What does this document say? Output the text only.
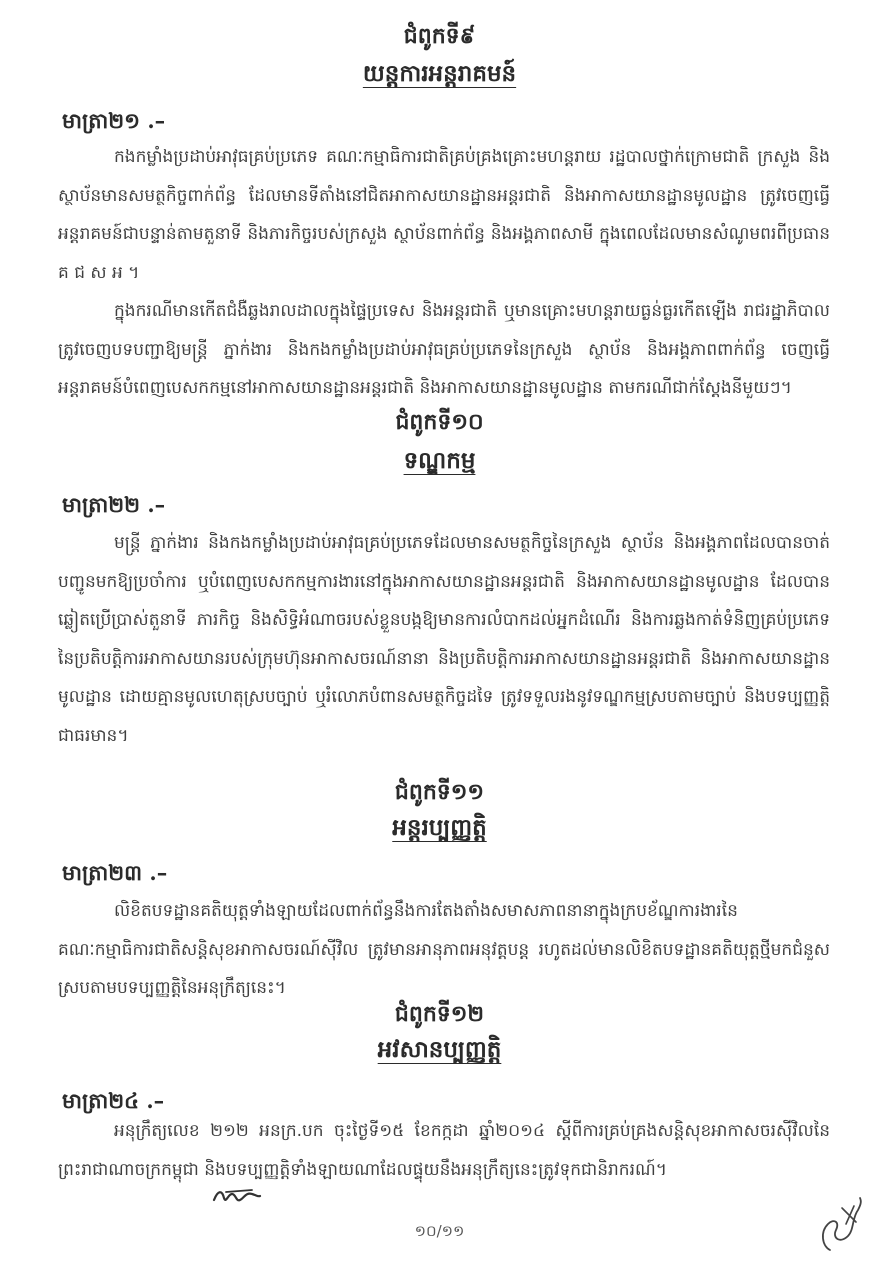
ជំពូកទី៩
យន្តការអន្តរាគមន៍
មាត្រា២១ .–
កងកម្លាំងប្រដាប់អាវុធគ្រប់ប្រភេទ គណៈកម្មាធិការជាតិគ្រប់គ្រងគ្រោះមហន្តរាយ រដ្ឋបាលថ្នាក់ក្រោមជាតិ ក្រសួង និងស្ថាប័នមានសមត្ថកិច្ចពាក់ព័ន្ធ ដែលមានទីតាំងនៅជិតអាកាសយានដ្ឋានអន្តរជាតិ និងអាកាសយានដ្ឋានមូលដ្ឋាន ត្រូវចេញធ្វើអន្តរាគមន៍ជាបន្ទាន់តាមតួនាទី និងភារកិច្ចរបស់ក្រសួង ស្ថាប័នពាក់ព័ន្ធ និងអង្គភាពសាមី ក្នុងពេលដែលមានសំណូមពរពីប្រធាន គ ជ ស អ ។
ក្នុងករណីមានកើតជំងឺឆ្លងរាលដាលក្នុងផ្ទៃប្រទេស និងអន្តរជាតិ ឬមានគ្រោះមហន្តរាយធ្ងន់ធ្ងរកើតឡើង រាជរដ្ឋាភិបាលត្រូវចេញបទបញ្ជាឱ្យមន្ត្រី ភ្នាក់ងារ និងកងកម្លាំងប្រដាប់អាវុធគ្រប់ប្រភេទនៃក្រសួង ស្ថាប័ន និងអង្គភាពពាក់ព័ន្ធ ចេញធ្វើអន្តរាគមន៍បំពេញបេសកកម្មនៅអាកាសយានដ្ឋានអន្តរជាតិ និងអាកាសយានដ្ឋានមូលដ្ឋាន តាមករណីជាក់ស្តែងនីមួយៗ។
ជំពូកទី១០
ទណ្ឌកម្ម
មាត្រា២២ .–
មន្ត្រី ភ្នាក់ងារ និងកងកម្លាំងប្រដាប់អាវុធគ្រប់ប្រភេទដែលមានសមត្ថកិច្ចនៃក្រសួង ស្ថាប័ន និងអង្គភាពដែលបានចាត់បញ្ជូនមកឱ្យប្រចាំការ ឬបំពេញបេសកកម្មការងារនៅក្នុងអាកាសយានដ្ឋានអន្តរជាតិ និងអាកាសយានដ្ឋានមូលដ្ឋាន ដែលបានឆ្លៀតប្រើប្រាស់តួនាទី ភារកិច្ច និងសិទ្ធិអំណាចរបស់ខ្លួនបង្កឱ្យមានការលំបាកដល់អ្នកដំណើរ និងការឆ្លងកាត់ទំនិញគ្រប់ប្រភេទនៃប្រតិបត្តិការអាកាសយានរបស់ក្រុមហ៊ុនអាកាសចរណ៍នានា និងប្រតិបត្តិការអាកាសយានដ្ឋានអន្តរជាតិ និងអាកាសយានដ្ឋានមូលដ្ឋាន ដោយគ្មានមូលហេតុស្របច្បាប់ ឬរំលោភបំពានសមត្ថកិច្ចដទៃ ត្រូវទទួលរងនូវទណ្ឌកម្មស្របតាមច្បាប់ និងបទប្បញ្ញត្តិជាធរមាន។
ជំពូកទី១១
អន្តរប្បញ្ញត្តិ
មាត្រា២៣ .–
លិខិតបទដ្ឋានគតិយុត្តទាំងឡាយដែលពាក់ព័ន្ធនឹងការតែងតាំងសមាសភាពនានាក្នុងក្របខ័ណ្ឌការងារនៃគណៈកម្មាធិការជាតិសន្តិសុខអាកាសចរណ៍ស៊ីវិល ត្រូវមានអានុភាពអនុវត្តបន្ត រហូតដល់មានលិខិតបទដ្ឋានគតិយុត្តថ្មីមកជំនួស ស្របតាមបទប្បញ្ញត្តិនៃអនុក្រឹត្យនេះ។
ជំពូកទី១២
អវសានប្បញ្ញត្តិ
មាត្រា២៤ .–
អនុក្រឹត្យលេខ ២១២ អនក្រ.បក ចុះថ្ងៃទី១៥ ខែកក្កដា ឆ្នាំ២០១៤ ស្តីពីការគ្រប់គ្រងសន្តិសុខអាកាសចរស៊ីវិលនៃព្រះរាជាណាចក្រកម្ពុជា និងបទប្បញ្ញត្តិទាំងឡាយណាដែលផ្ទុយនឹងអនុក្រឹត្យនេះត្រូវទុកជានិរាករណ៍។
១០/១១
